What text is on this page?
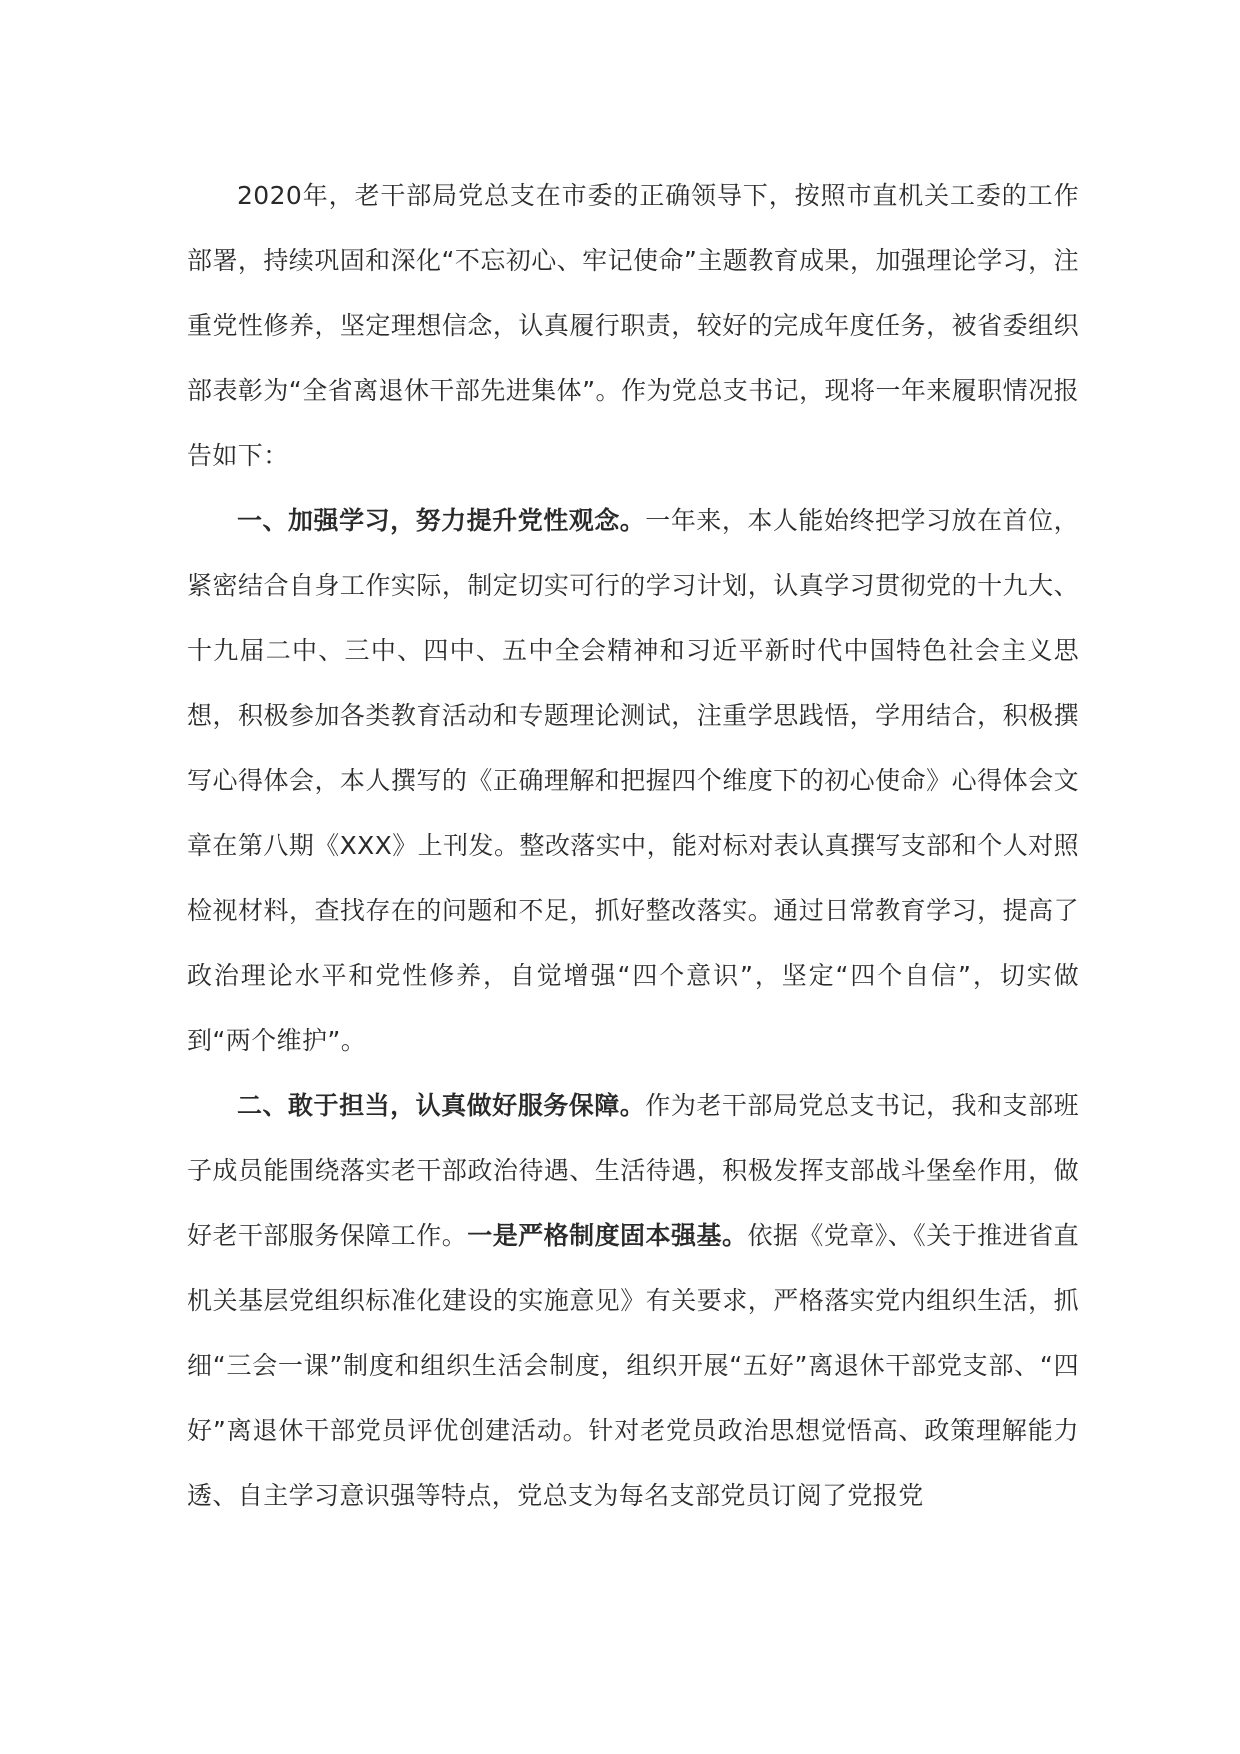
2020年，老干部局党总支在市委的正确领导下，按照市直机关工委的工作部署，持续巩固和深化“不忘初心、牢记使命”主题教育成果，加强理论学习，注重党性修养，坚定理想信念，认真履行职责，较好的完成年度任务，被省委组织部表彰为“全省离退休干部先进集体”。作为党总支书记，现将一年来履职情况报告如下：

一、加强学习，努力提升党性观念。一年来，本人能始终把学习放在首位，紧密结合自身工作实际，制定切实可行的学习计划，认真学习贯彻党的十九大、十九届二中、三中、四中、五中全会精神和习近平新时代中国特色社会主义思想，积极参加各类教育活动和专题理论测试，注重学思践悟，学用结合，积极撰写心得体会，本人撰写的《正确理解和把握四个维度下的初心使命》心得体会文章在第八期《XXX》上刊发。整改落实中，能对标对表认真撰写支部和个人对照检视材料，查找存在的问题和不足，抓好整改落实。通过日常教育学习，提高了政治理论水平和党性修养，自觉增强“四个意识”，坚定“四个自信”，切实做到“两个维护”。

二、敢于担当，认真做好服务保障。作为老干部局党总支书记，我和支部班子成员能围绕落实老干部政治待遇、生活待遇，积极发挥支部战斗堡垒作用，做好老干部服务保障工作。一是严格制度固本强基。依据《党章》、《关于推进省直机关基层党组织标准化建设的实施意见》有关要求，严格落实党内组织生活，抓细“三会一课”制度和组织生活会制度，组织开展“五好”离退休干部党支部、“四好”离退休干部党员评优创建活动。针对老党员政治思想觉悟高、政策理解能力透、自主学习意识强等特点，党总支为每名支部党员订阅了党报党
